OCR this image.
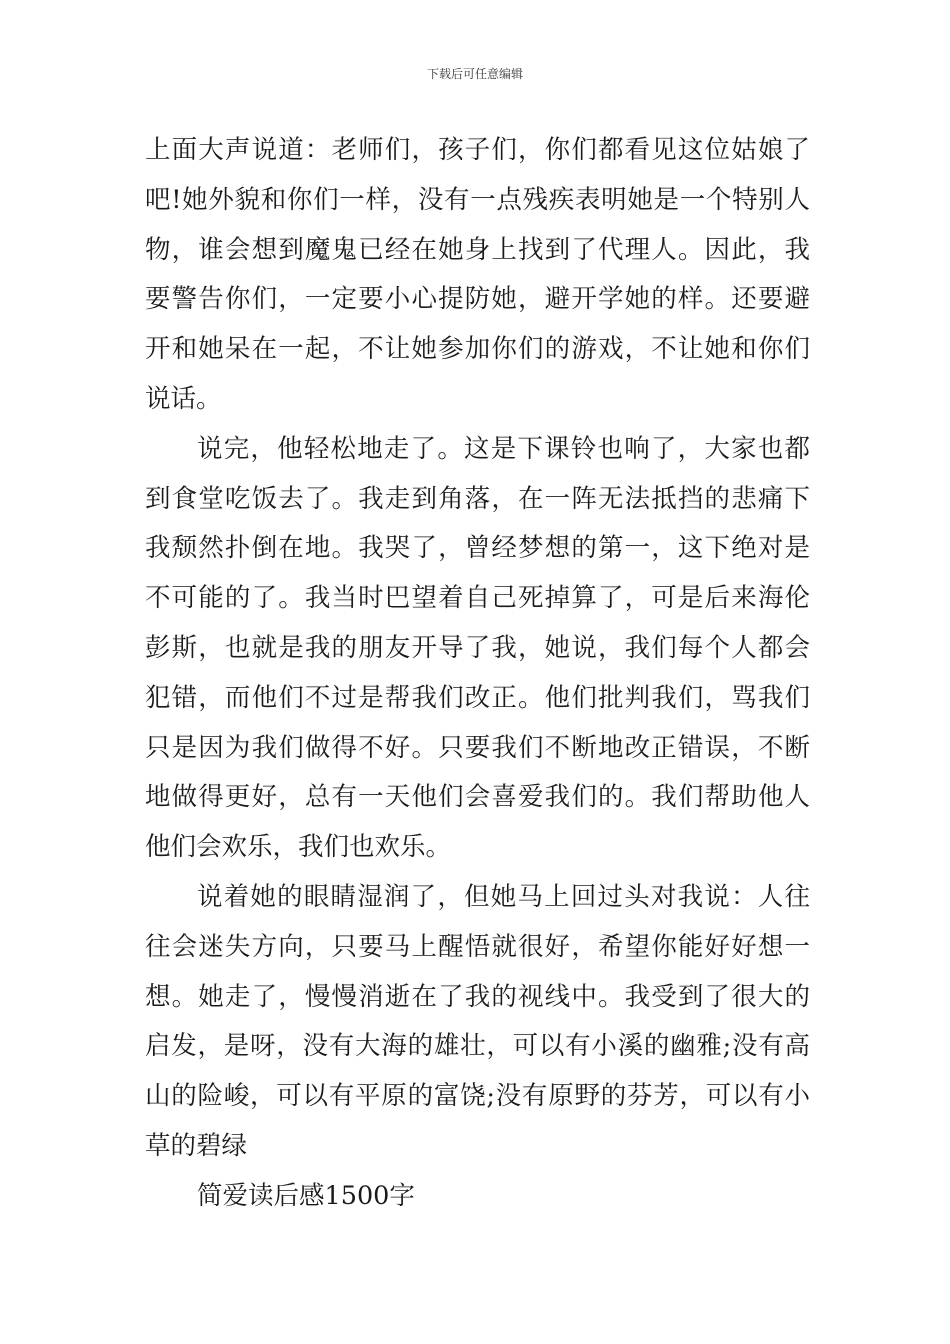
下载后可任意编辑
上面大声说道：老师们，孩子们，你们都看见这位姑娘了
吧!她外貌和你们一样，没有一点残疾表明她是一个特别人
物，谁会想到魔鬼已经在她身上找到了代理人。因此，我
要警告你们，一定要小心提防她，避开学她的样。还要避
开和她呆在一起，不让她参加你们的游戏，不让她和你们
说话。
说完，他轻松地走了。这是下课铃也响了，大家也都
到食堂吃饭去了。我走到角落，在一阵无法抵挡的悲痛下
我颓然扑倒在地。我哭了，曾经梦想的第一，这下绝对是
不可能的了。我当时巴望着自己死掉算了，可是后来海伦
彭斯，也就是我的朋友开导了我，她说，我们每个人都会
犯错，而他们不过是帮我们改正。他们批判我们，骂我们
只是因为我们做得不好。只要我们不断地改正错误，不断
地做得更好，总有一天他们会喜爱我们的。我们帮助他人
他们会欢乐，我们也欢乐。
说着她的眼睛湿润了，但她马上回过头对我说：人往
往会迷失方向，只要马上醒悟就很好，希望你能好好想一
想。她走了，慢慢消逝在了我的视线中。我受到了很大的
启发，是呀，没有大海的雄壮，可以有小溪的幽雅;没有高
山的险峻，可以有平原的富饶;没有原野的芬芳，可以有小
草的碧绿
简爱读后感1500字
